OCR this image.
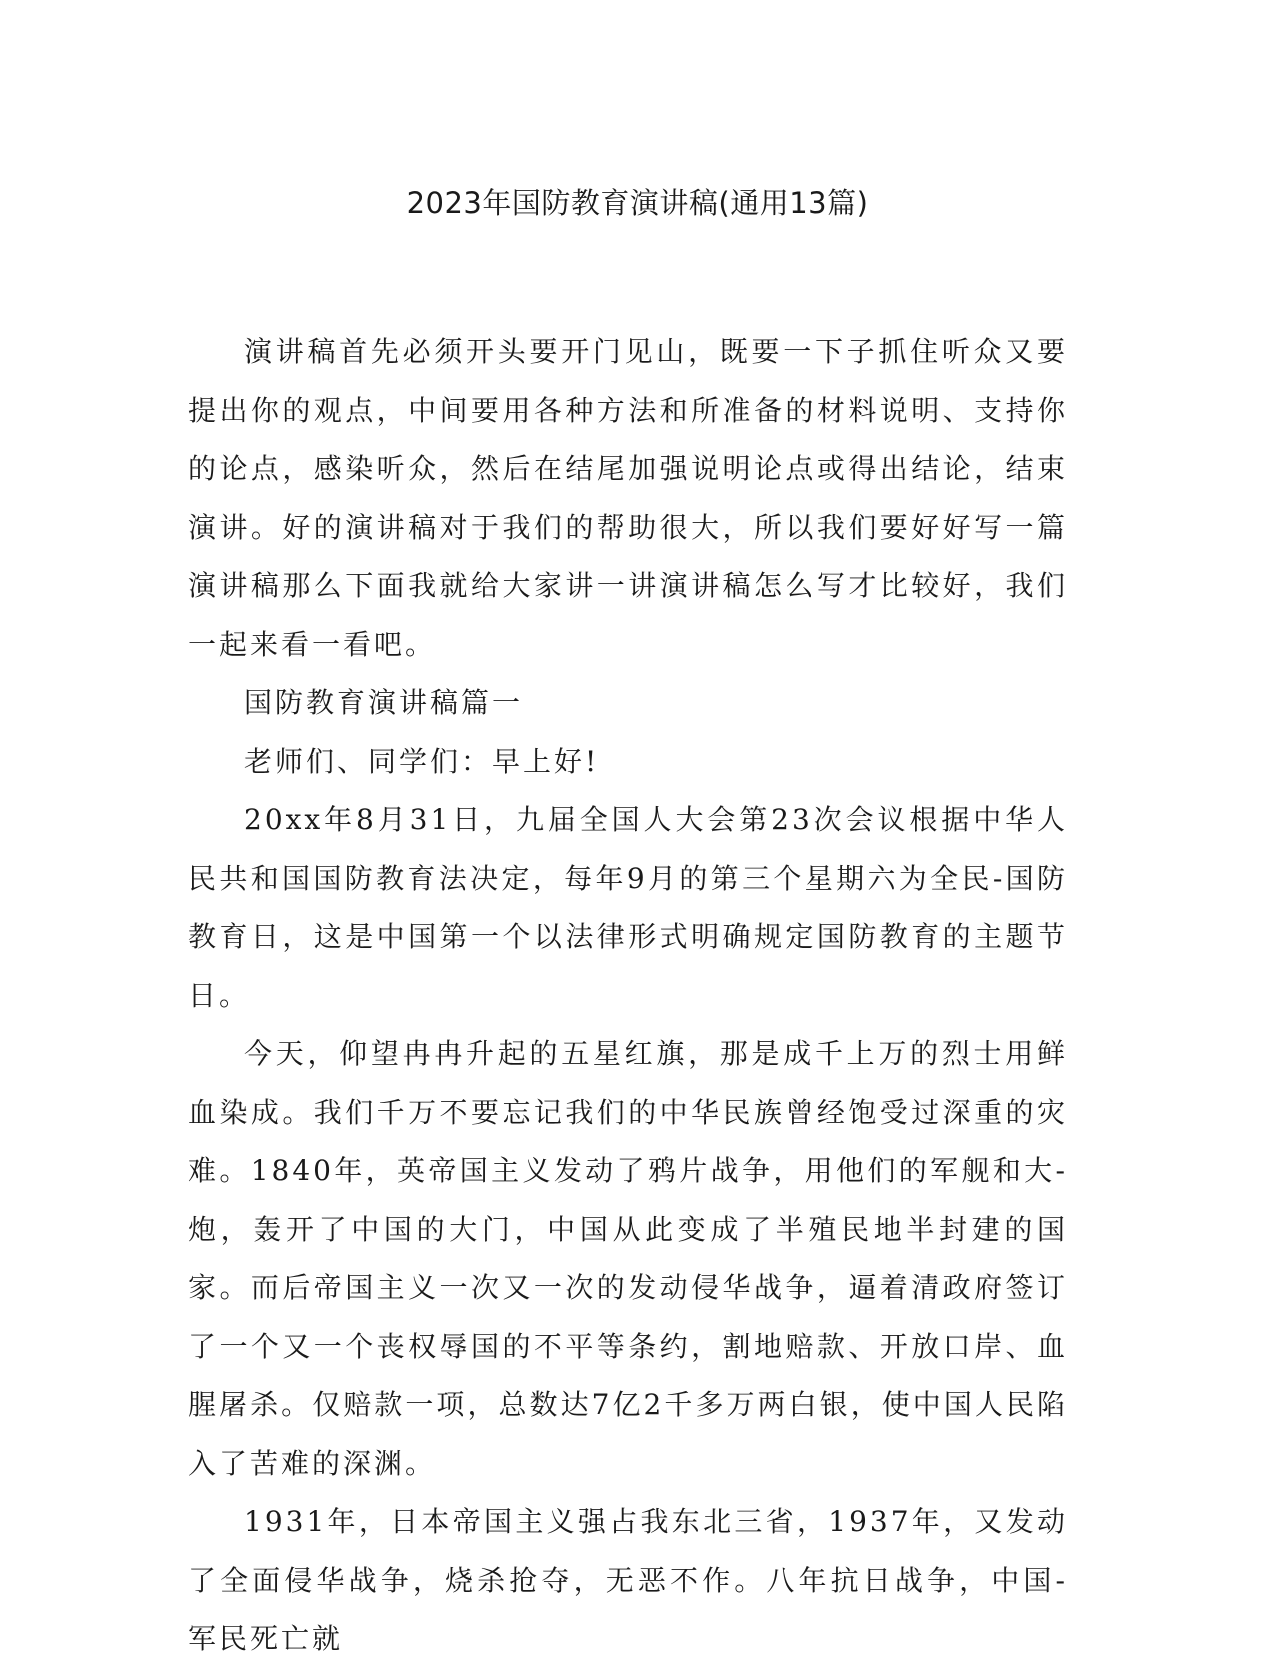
2023年国防教育演讲稿(通用13篇)

演讲稿首先必须开头要开门见山，既要一下子抓住听众又要提出你的观点，中间要用各种方法和所准备的材料说明、支持你的论点，感染听众，然后在结尾加强说明论点或得出结论，结束演讲。好的演讲稿对于我们的帮助很大，所以我们要好好写一篇演讲稿那么下面我就给大家讲一讲演讲稿怎么写才比较好，我们一起来看一看吧。

国防教育演讲稿篇一

老师们、同学们：早上好!

20xx年8月31日，九届全国人大会第23次会议根据中华人民共和国国防教育法决定，每年9月的第三个星期六为全民-国防教育日，这是中国第一个以法律形式明确规定国防教育的主题节日。

今天，仰望冉冉升起的五星红旗，那是成千上万的烈士用鲜血染成。我们千万不要忘记我们的中华民族曾经饱受过深重的灾难。1840年，英帝国主义发动了鸦片战争，用他们的军舰和大-炮，轰开了中国的大门，中国从此变成了半殖民地半封建的国家。而后帝国主义一次又一次的发动侵华战争，逼着清政府签订了一个又一个丧权辱国的不平等条约，割地赔款、开放口岸、血腥屠杀。仅赔款一项，总数达7亿2千多万两白银，使中国人民陷入了苦难的深渊。

1931年，日本帝国主义强占我东北三省，1937年，又发动了全面侵华战争，烧杀抢夺，无恶不作。八年抗日战争，中国-军民死亡就
